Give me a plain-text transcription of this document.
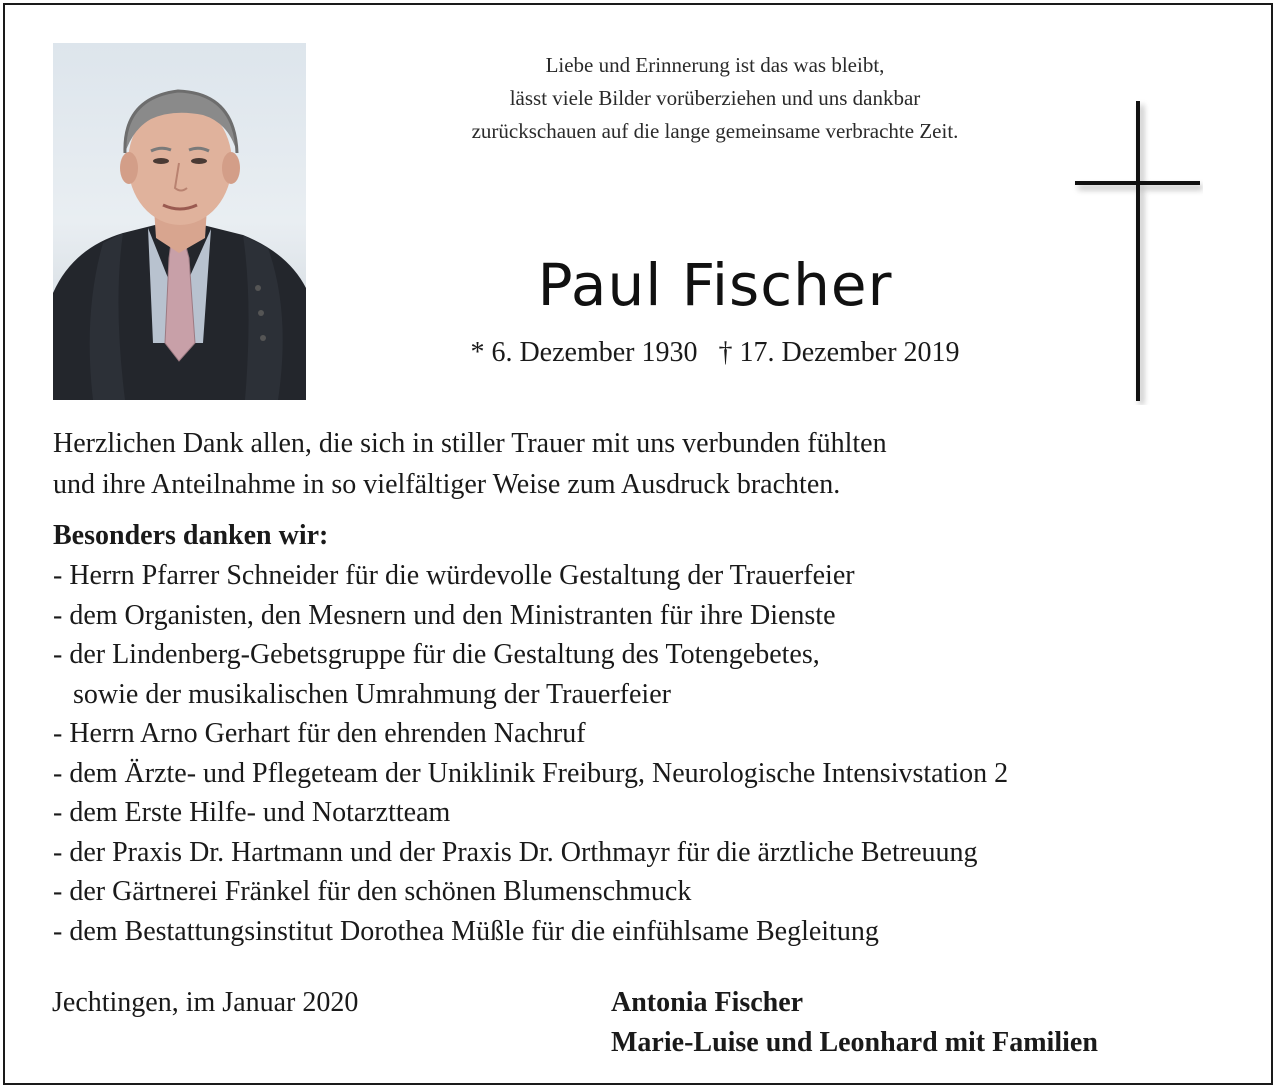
Liebe und Erinnerung ist das was bleibt,
lässt viele Bilder vorüberziehen und uns dankbar
zurückschauen auf die lange gemeinsame verbrachte Zeit.
Paul Fischer
* 6. Dezember 1930   † 17. Dezember 2019
Herzlichen Dank allen, die sich in stiller Trauer mit uns verbunden fühlten
und ihre Anteilnahme in so vielfältiger Weise zum Ausdruck brachten.
Besonders danken wir:
- Herrn Pfarrer Schneider für die würdevolle Gestaltung der Trauerfeier
- dem Organisten, den Mesnern und den Ministranten für ihre Dienste
- der Lindenberg-Gebetsgruppe für die Gestaltung des Totengebetes,
sowie der musikalischen Umrahmung der Trauerfeier
- Herrn Arno Gerhart für den ehrenden Nachruf
- dem Ärzte- und Pflegeteam der Uniklinik Freiburg, Neurologische Intensivstation 2
- dem Erste Hilfe- und Notarztteam
- der Praxis Dr. Hartmann und der Praxis Dr. Orthmayr für die ärztliche Betreuung
- der Gärtnerei Fränkel für den schönen Blumenschmuck
- dem Bestattungsinstitut Dorothea Müßle für die einfühlsame Begleitung
Jechtingen, im Januar 2020	Antonia Fischer
Marie-Luise und Leonhard mit Familien
